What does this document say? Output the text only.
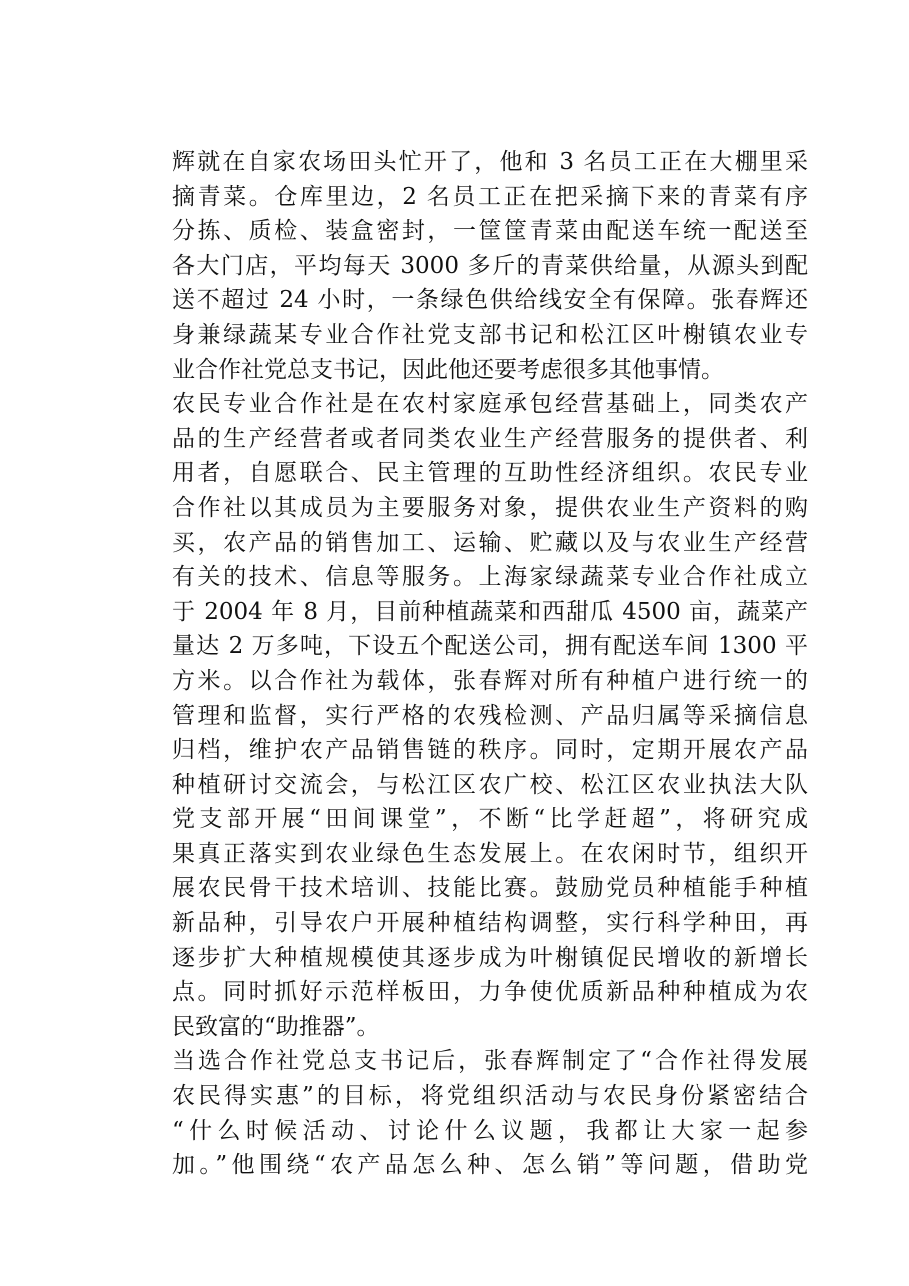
辉就在自家农场田头忙开了，他和 3 名员工正在大棚里采
摘青菜。仓库里边，2 名员工正在把采摘下来的青菜有序
分拣、质检、装盒密封，一筐筐青菜由配送车统一配送至
各大门店，平均每天 3000 多斤的青菜供给量，从源头到配
送不超过 24 小时，一条绿色供给线安全有保障。张春辉还
身兼绿蔬某专业合作社党支部书记和松江区叶榭镇农业专
业合作社党总支书记，因此他还要考虑很多其他事情。
农民专业合作社是在农村家庭承包经营基础上，同类农产
品的生产经营者或者同类农业生产经营服务的提供者、利
用者，自愿联合、民主管理的互助性经济组织。农民专业
合作社以其成员为主要服务对象，提供农业生产资料的购
买，农产品的销售加工、运输、贮藏以及与农业生产经营
有关的技术、信息等服务。上海家绿蔬菜专业合作社成立
于 2004 年 8 月，目前种植蔬菜和西甜瓜 4500 亩，蔬菜产
量达 2 万多吨，下设五个配送公司，拥有配送车间 1300 平
方米。以合作社为载体，张春辉对所有种植户进行统一的
管理和监督，实行严格的农残检测、产品归属等采摘信息
归档，维护农产品销售链的秩序。同时，定期开展农产品
种植研讨交流会，与松江区农广校、松江区农业执法大队
党支部开展“田间课堂”，不断“比学赶超”，将研究成
果真正落实到农业绿色生态发展上。在农闲时节，组织开
展农民骨干技术培训、技能比赛。鼓励党员种植能手种植
新品种，引导农户开展种植结构调整，实行科学种田，再
逐步扩大种植规模使其逐步成为叶榭镇促民增收的新增长
点。同时抓好示范样板田，力争使优质新品种种植成为农
民致富的“助推器”。
当选合作社党总支书记后，张春辉制定了“合作社得发展
农民得实惠”的目标，将党组织活动与农民身份紧密结合
“什么时候活动、讨论什么议题，我都让大家一起参
加。”他围绕“农产品怎么种、怎么销”等问题，借助党
